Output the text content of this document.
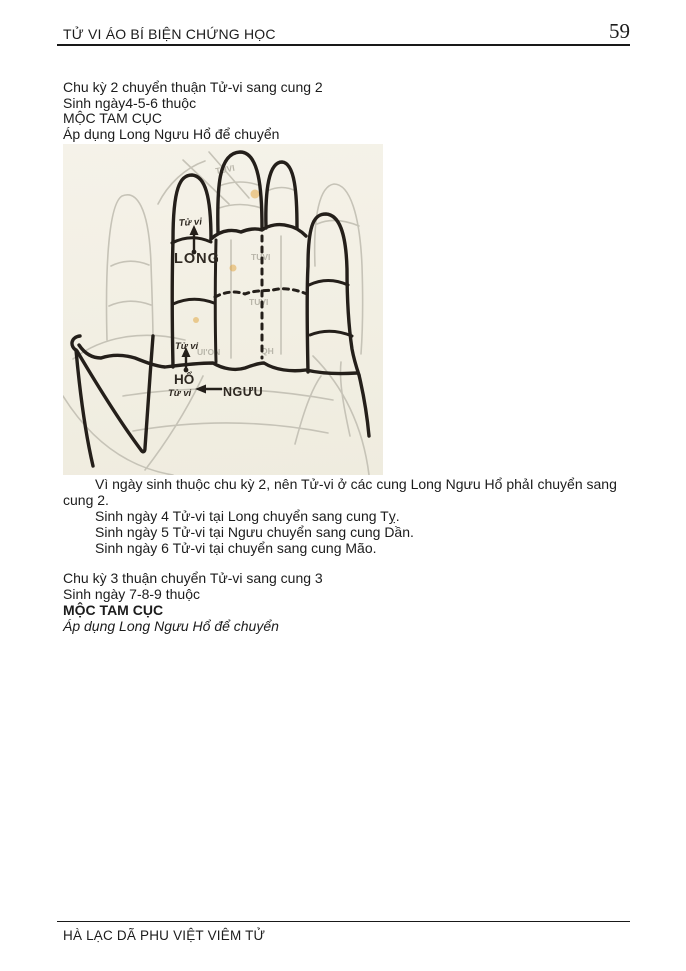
TỬ VI ÁO BÍ BIỆN CHỨNG HỌC	59
Chu kỳ 2 chuyển thuận Tử-vi sang cung 2
Sinh ngày4-5-6 thuộc
MỘC TAM CỤC
Áp dụng Long Ngưu Hổ để chuyển
TUVI
TUVI
TUVI
UI'ON	QH
Tử vi
LONG
Tử vi
HỔ
Tử vi	NGƯU
Vì ngày sinh thuộc chu kỳ 2, nên Tử-vi ở các cung Long Ngưu Hổ phảI chuyển sang
cung 2.
Sinh ngày 4 Tử-vi tại Long chuyển sang cung Tỵ.
Sinh ngày 5 Tử-vi tại Ngưu chuyển sang cung Dần.
Sinh ngày 6 Tử-vi tại chuyển sang cung Mão.
Chu kỳ 3 thuận chuyển Tử-vi sang cung 3
Sinh ngày 7-8-9 thuộc
MỘC TAM CỤC
Áp dụng Long Ngưu Hổ để chuyển
HÀ LẠC DÃ PHU VIỆT VIÊM TỬ
